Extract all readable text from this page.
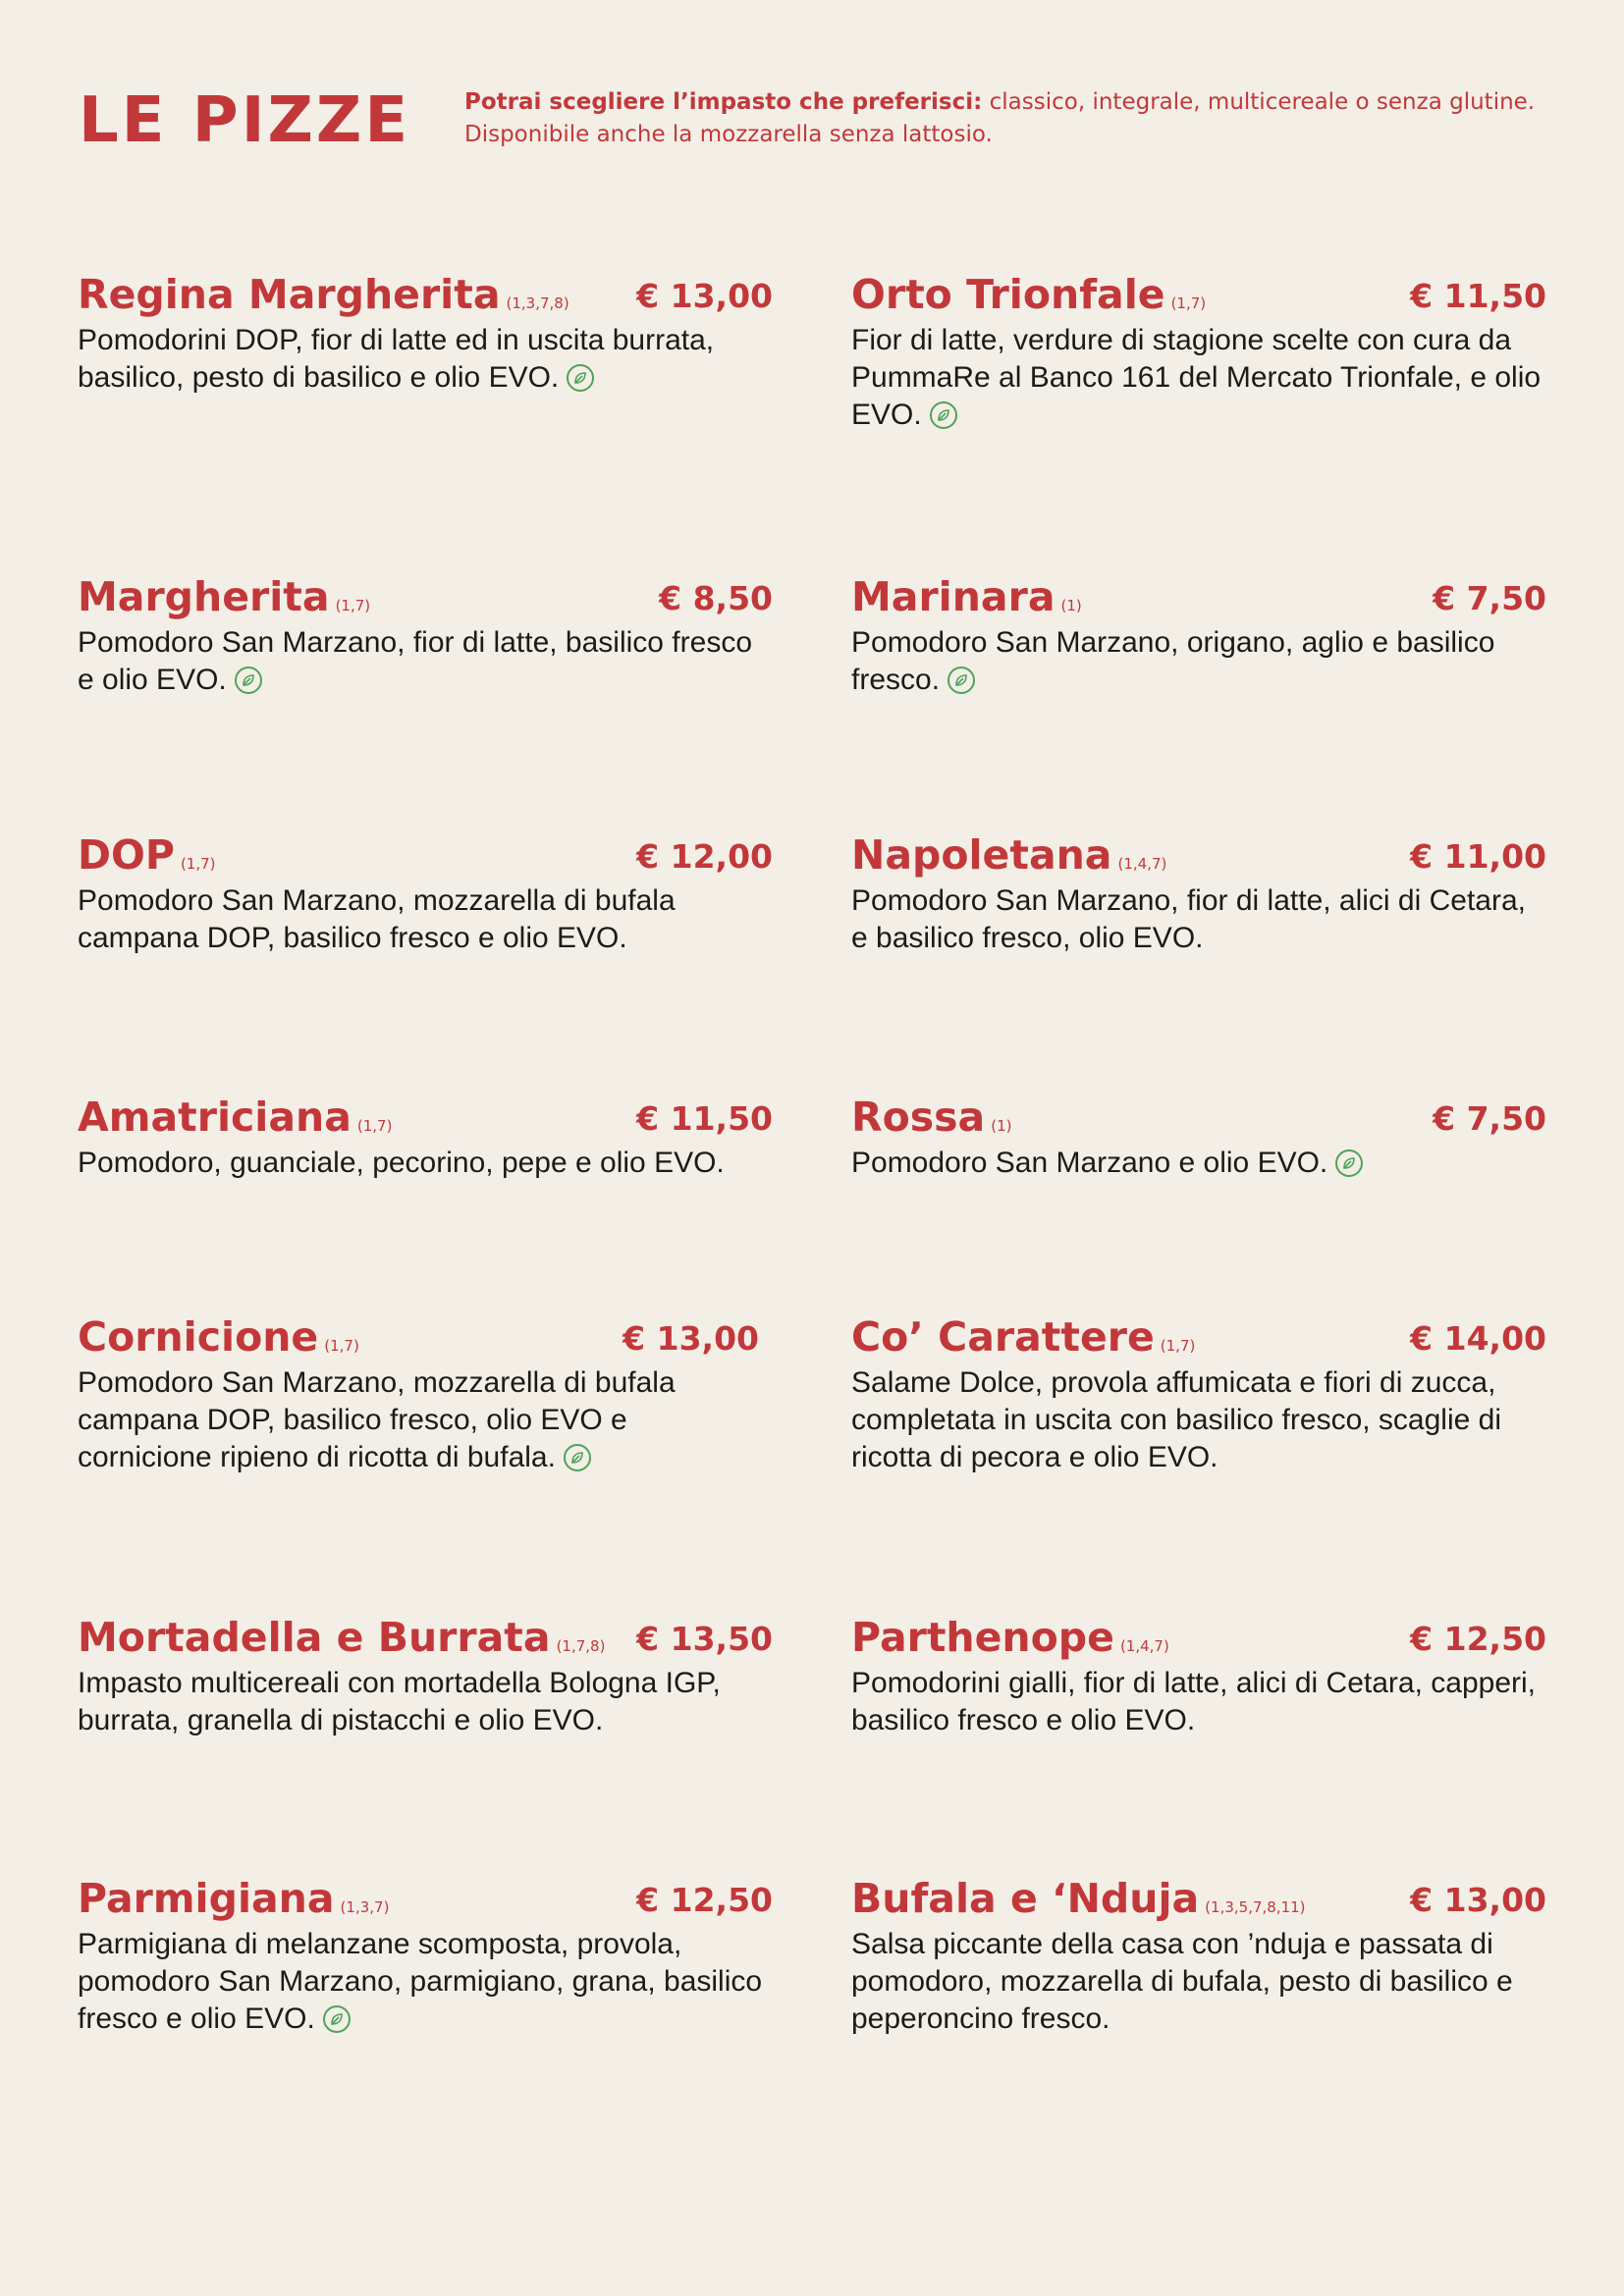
LE PIZZE Potrai scegliere l’impasto che preferisci: classico, integrale, multicereale o senza glutine.
Disponibile anche la mozzarella senza lattosio.
Regina Margherita (1,3,7,8) € 13,00
Pomodorini DOP, fior di latte ed in uscita burrata, basilico, pesto di basilico e olio EVO.
Orto Trionfale (1,7)	€ 11,50
Fior di latte, verdure di stagione scelte con cura da PummaRe al Banco 161 del Mercato Trionfale, e olio EVO.
Margherita (1,7)	€ 8,50
Pomodoro San Marzano, fior di latte, basilico fresco e olio EVO.
Marinara (1)	€ 7,50
Pomodoro San Marzano, origano, aglio e basilico fresco.
DOP (1,7)	€ 12,00
Pomodoro San Marzano, mozzarella di bufala campana DOP, basilico fresco e olio EVO.
Napoletana (1,4,7)	€ 11,00
Pomodoro San Marzano, fior di latte, alici di Cetara, e basilico fresco, olio EVO.
Amatriciana (1,7)	€ 11,50
Pomodoro, guanciale, pecorino, pepe e olio EVO.
Rossa (1)	€ 7,50
Pomodoro San Marzano e olio EVO.
Cornicione (1,7)	€ 13,00
Pomodoro San Marzano, mozzarella di bufala campana DOP, basilico fresco, olio EVO e cornicione ripieno di ricotta di bufala.
Co’ Carattere (1,7)	€ 14,00
Salame Dolce, provola affumicata e fiori di zucca, completata in uscita con basilico fresco, scaglie di ricotta di pecora e olio EVO.
Mortadella e Burrata (1,7,8) € 13,50
Impasto multicereali con mortadella Bologna IGP, burrata, granella di pistacchi e olio EVO.
Parthenope (1,4,7)	€ 12,50
Pomodorini gialli, fior di latte, alici di Cetara, capperi, basilico fresco e olio EVO.
Parmigiana (1,3,7)	€ 12,50
Parmigiana di melanzane scomposta, provola, pomodoro San Marzano, parmigiano, grana, basilico fresco e olio EVO.
Bufala e ‘Nduja (1,3,5,7,8,11)	€ 13,00
Salsa piccante della casa con ’nduja e passata di pomodoro, mozzarella di bufala, pesto di basilico e peperoncino fresco.
